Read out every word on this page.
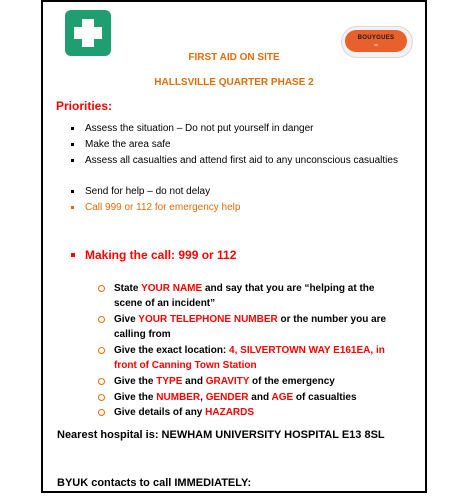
BOUYGUES
UK
FIRST AID ON SITE
HALLSVILLE QUARTER PHASE 2
Priorities:
Assess the situation – Do not put yourself in danger
Make the area safe
Assess all casualties and attend first aid to any unconscious casualties
Send for help – do not delay
Call 999 or 112 for emergency help
Making the call: 999 or 112
State YOUR NAME and say that you are “helping at the scene of an incident”
Give YOUR TELEPHONE NUMBER or the number you are calling from
Give the exact location: 4, SILVERTOWN WAY E161EA, in front of Canning Town Station
Give the TYPE and GRAVITY of the emergency
Give the NUMBER, GENDER and AGE of casualties
Give details of any HAZARDS
Nearest hospital is: NEWHAM UNIVERSITY HOSPITAL E13 8SL
BYUK contacts to call IMMEDIATELY:
